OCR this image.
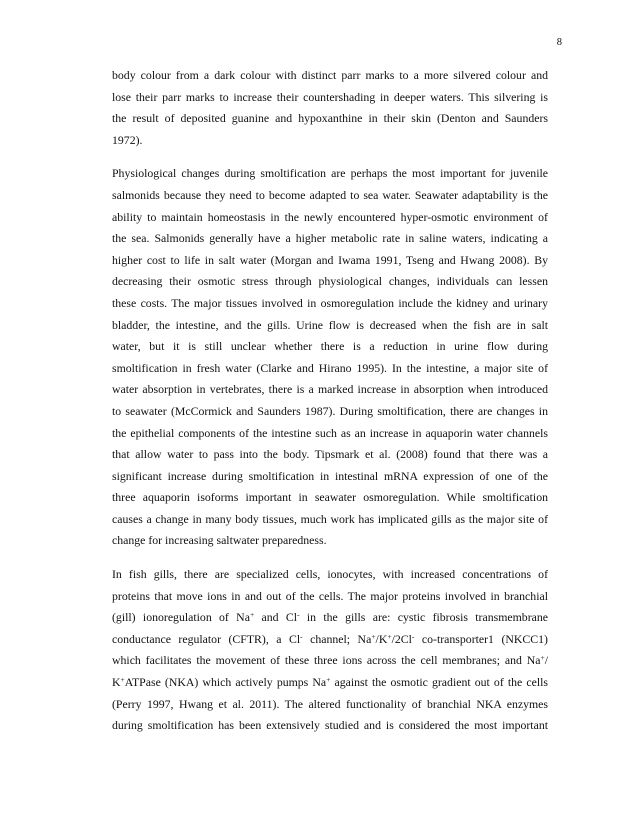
8
body colour from a dark colour with distinct parr marks to a more silvered colour and
lose their parr marks to increase their countershading in deeper waters. This silvering is
the result of deposited guanine and hypoxanthine in their skin (Denton and Saunders
1972).
Physiological changes during smoltification are perhaps the most important for juvenile
salmonids because they need to become adapted to sea water. Seawater adaptability is the
ability to maintain homeostasis in the newly encountered hyper-osmotic environment of
the sea. Salmonids generally have a higher metabolic rate in saline waters, indicating a
higher cost to life in salt water (Morgan and Iwama 1991, Tseng and Hwang 2008). By
decreasing their osmotic stress through physiological changes, individuals can lessen
these costs. The major tissues involved in osmoregulation include the kidney and urinary
bladder, the intestine, and the gills. Urine flow is decreased when the fish are in salt
water, but it is still unclear whether there is a reduction in urine flow during
smoltification in fresh water (Clarke and Hirano 1995). In the intestine, a major site of
water absorption in vertebrates, there is a marked increase in absorption when introduced
to seawater (McCormick and Saunders 1987). During smoltification, there are changes in
the epithelial components of the intestine such as an increase in aquaporin water channels
that allow water to pass into the body. Tipsmark et al. (2008) found that there was a
significant increase during smoltification in intestinal mRNA expression of one of the
three aquaporin isoforms important in seawater osmoregulation. While smoltification
causes a change in many body tissues, much work has implicated gills as the major site of
change for increasing saltwater preparedness.
In fish gills, there are specialized cells, ionocytes, with increased concentrations of
proteins that move ions in and out of the cells. The major proteins involved in branchial
(gill) ionoregulation of Na+ and Cl- in the gills are: cystic fibrosis transmembrane
conductance regulator (CFTR), a Cl- channel; Na+/K+/2Cl- co-transporter1 (NKCC1)
which facilitates the movement of these three ions across the cell membranes; and Na+/
K+ATPase (NKA) which actively pumps Na+ against the osmotic gradient out of the cells
(Perry 1997, Hwang et al. 2011). The altered functionality of branchial NKA enzymes
during smoltification has been extensively studied and is considered the most important
